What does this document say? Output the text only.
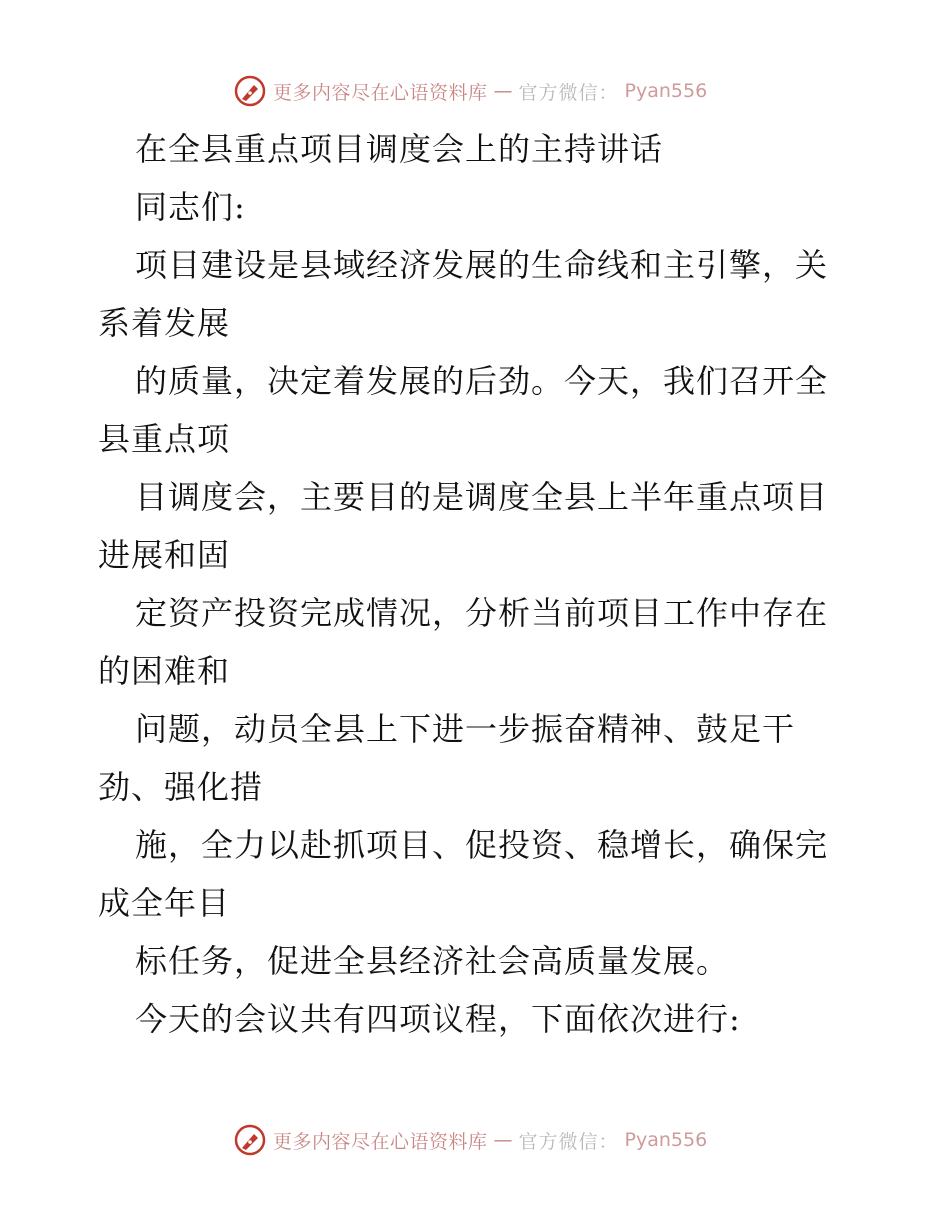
更多内容尽在心语资料库 — 官方微信： Pyan556
在全县重点项目调度会上的主持讲话
同志们:
项目建设是县域经济发展的生命线和主引擎，关
系着发展
的质量，决定着发展的后劲。今天，我们召开全
县重点项
目调度会，主要目的是调度全县上半年重点项目
进展和固
定资产投资完成情况，分析当前项目工作中存在
的困难和
问题，动员全县上下进一步振奋精神、鼓足干
劲、强化措
施，全力以赴抓项目、促投资、稳增长，确保完
成全年目
标任务，促进全县经济社会高质量发展。
今天的会议共有四项议程，下面依次进行:
更多内容尽在心语资料库 — 官方微信： Pyan556
